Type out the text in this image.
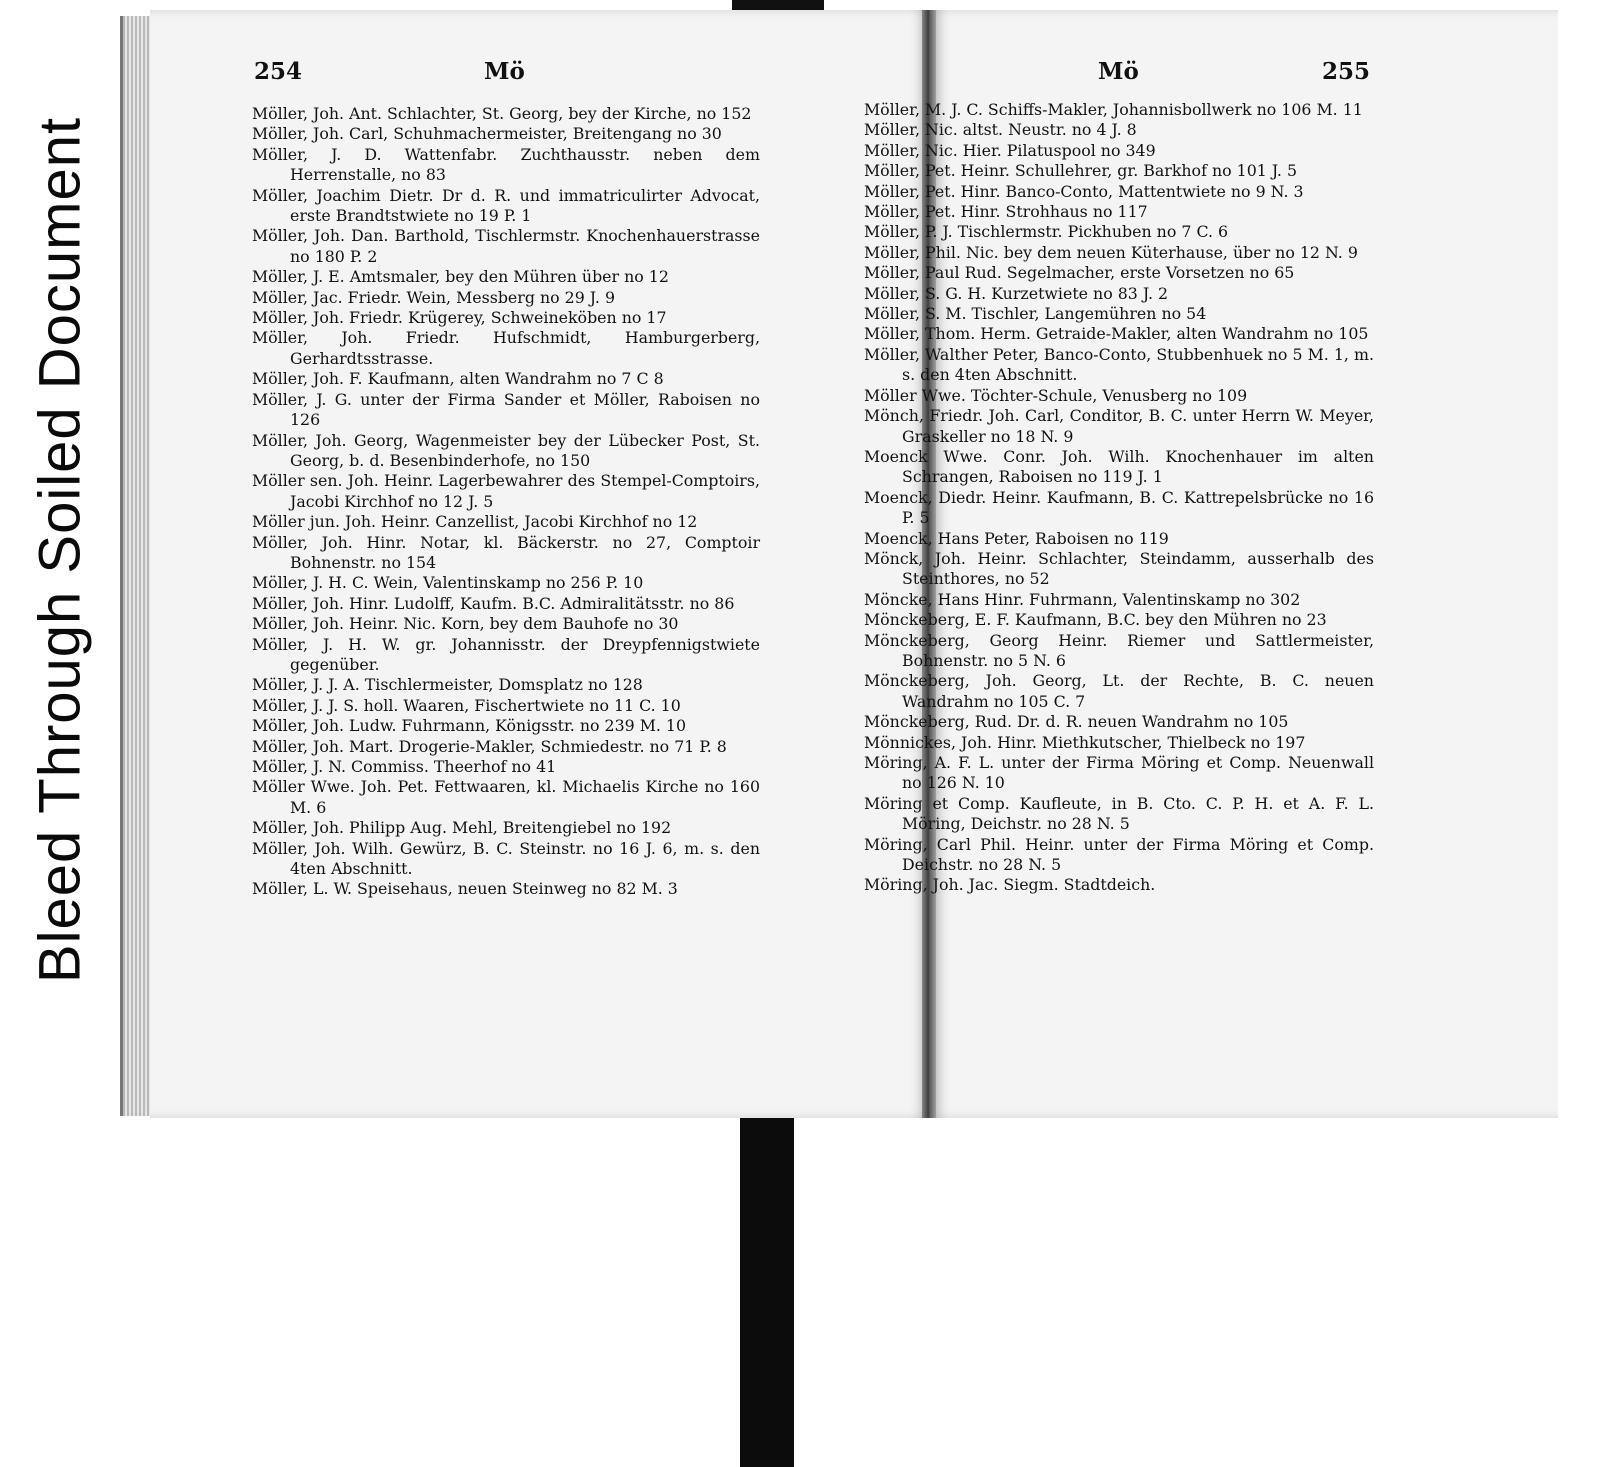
Bleed Through Soiled Document
254	Mö	Mö	255
Möller, Joh. Ant. Schlachter, St. Georg, bey der Kirche, no 152
Möller, Joh. Carl, Schuhmachermeister, Breitengang no 30
Möller, J. D. Wattenfabr. Zuchthausstr. neben dem Herrenstalle, no 83
Möller, Joachim Dietr. Dr d. R. und immatriculirter Advocat, erste Brandtstwiete no 19 P. 1
Möller, Joh. Dan. Barthold, Tischlermstr. Knochenhauerstrasse no 180 P. 2
Möller, J. E. Amtsmaler, bey den Mühren über no 12
Möller, Jac. Friedr. Wein, Messberg no 29 J. 9
Möller, Joh. Friedr. Krügerey, Schweineköben no 17
Möller, Joh. Friedr. Hufschmidt, Hamburgerberg, Gerhardtsstrasse.
Möller, Joh. F. Kaufmann, alten Wandrahm no 7 C 8
Möller, J. G. unter der Firma Sander et Möller, Raboisen no 126
Möller, Joh. Georg, Wagenmeister bey der Lübecker Post, St. Georg, b. d. Besenbinderhofe, no 150
Möller sen. Joh. Heinr. Lagerbewahrer des Stempel-Comptoirs, Jacobi Kirchhof no 12 J. 5
Möller jun. Joh. Heinr. Canzellist, Jacobi Kirchhof no 12
Möller, Joh. Hinr. Notar, kl. Bäckerstr. no 27, Comptoir Bohnenstr. no 154
Möller, J. H. C. Wein, Valentinskamp no 256 P. 10
Möller, Joh. Hinr. Ludolff, Kaufm. B.C. Admiralitätsstr. no 86
Möller, Joh. Heinr. Nic. Korn, bey dem Bauhofe no 30
Möller, J. H. W. gr. Johannisstr. der Dreypfennigstwiete gegenüber.
Möller, J. J. A. Tischlermeister, Domsplatz no 128
Möller, J. J. S. holl. Waaren, Fischertwiete no 11 C. 10
Möller, Joh. Ludw. Fuhrmann, Königsstr. no 239 M. 10
Möller, Joh. Mart. Drogerie-Makler, Schmiedestr. no 71 P. 8
Möller, J. N. Commiss. Theerhof no 41
Möller Wwe. Joh. Pet. Fettwaaren, kl. Michaelis Kirche no 160 M. 6
Möller, Joh. Philipp Aug. Mehl, Breitengiebel no 192
Möller, Joh. Wilh. Gewürz, B. C. Steinstr. no 16 J. 6, m. s. den 4ten Abschnitt.
Möller, L. W. Speisehaus, neuen Steinweg no 82 M. 3
Möller, M. J. C. Schiffs-Makler, Johannisbollwerk no 106 M. 11
Möller, Nic. altst. Neustr. no 4 J. 8
Möller, Nic. Hier. Pilatuspool no 349
Möller, Pet. Heinr. Schullehrer, gr. Barkhof no 101 J. 5
Möller, Pet. Hinr. Banco-Conto, Mattentwiete no 9 N. 3
Möller, Pet. Hinr. Strohhaus no 117
Möller, P. J. Tischlermstr. Pickhuben no 7 C. 6
Möller, Phil. Nic. bey dem neuen Küterhause, über no 12 N. 9
Möller, Paul Rud. Segelmacher, erste Vorsetzen no 65
Möller, S. G. H. Kurzetwiete no 83 J. 2
Möller, S. M. Tischler, Langemühren no 54
Möller, Thom. Herm. Getraide-Makler, alten Wandrahm no 105
Möller, Walther Peter, Banco-Conto, Stubbenhuek no 5 M. 1, m. s. den 4ten Abschnitt.
Möller Wwe. Töchter-Schule, Venusberg no 109
Mönch, Friedr. Joh. Carl, Conditor, B. C. unter Herrn W. Meyer, Graskeller no 18 N. 9
Moenck Wwe. Conr. Joh. Wilh. Knochenhauer im alten Schrangen, Raboisen no 119 J. 1
Moenck, Diedr. Heinr. Kaufmann, B. C. Kattrepelsbrücke no 16 P. 5
Moenck, Hans Peter, Raboisen no 119
Mönck, Joh. Heinr. Schlachter, Steindamm, ausserhalb des Steinthores, no 52
Möncke, Hans Hinr. Fuhrmann, Valentinskamp no 302
Mönckeberg, E. F. Kaufmann, B.C. bey den Mühren no 23
Mönckeberg, Georg Heinr. Riemer und Sattlermeister, Bohnenstr. no 5 N. 6
Mönckeberg, Joh. Georg, Lt. der Rechte, B. C. neuen Wandrahm no 105 C. 7
Mönckeberg, Rud. Dr. d. R. neuen Wandrahm no 105
Mönnickes, Joh. Hinr. Miethkutscher, Thielbeck no 197
Möring, A. F. L. unter der Firma Möring et Comp. Neuenwall no 126 N. 10
Möring et Comp. Kaufleute, in B. Cto. C. P. H. et A. F. L. Möring, Deichstr. no 28 N. 5
Möring, Carl Phil. Heinr. unter der Firma Möring et Comp. Deichstr. no 28 N. 5
Möring, Joh. Jac. Siegm. Stadtdeich.
